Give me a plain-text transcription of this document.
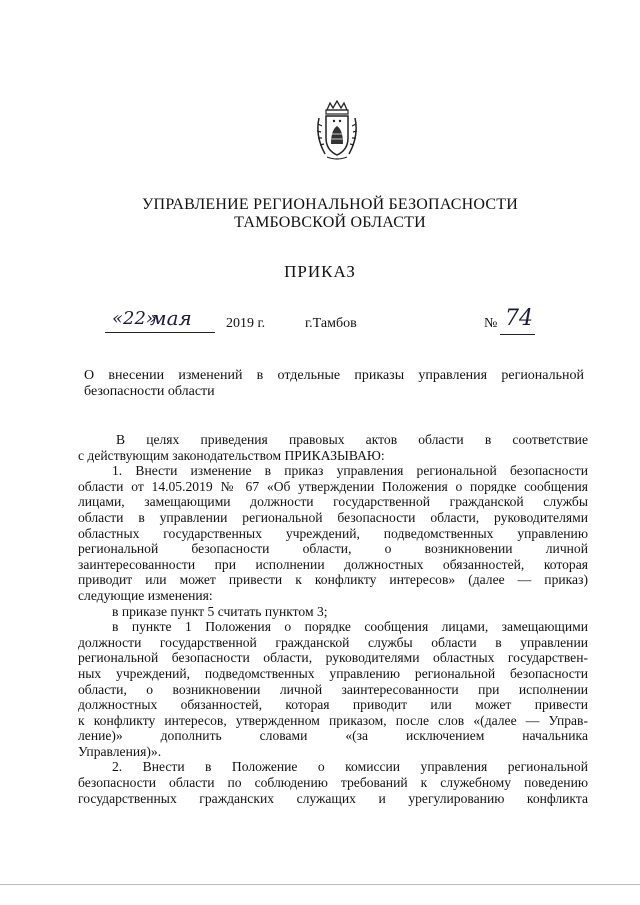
УПРАВЛЕНИЕ РЕГИОНАЛЬНОЙ БЕЗОПАСНОСТИ
ТАМБОВСКОЙ ОБЛАСТИ
ПРИКАЗ
«22»
мая 2019 г.	г.Тамбов	№ 74
О внесении изменений в отдельные приказы управления региональной безопасности области
В целях приведения правовых актов области в соответствие
с действующим законодательством ПРИКАЗЫВАЮ:
1. Внести изменение в приказ управления региональной безопасности
области от 14.05.2019 № 67 «Об утверждении Положения о порядке сообщения
лицами, замещающими должности государственной гражданской службы
области в управлении региональной безопасности области, руководителями
областных государственных учреждений, подведомственных управлению
региональной безопасности области, о возникновении личной
заинтересованности при исполнении должностных обязанностей, которая
приводит или может привести к конфликту интересов» (далее — приказ)
следующие изменения:
в приказе пункт 5 считать пунктом 3;
в пункте 1 Положения о порядке сообщения лицами, замещающими
должности государственной гражданской службы области в управлении
региональной безопасности области, руководителями областных государствен-
ных учреждений, подведомственных управлению региональной безопасности
области, о возникновении личной заинтересованности при исполнении
должностных обязанностей, которая приводит или может привести
к конфликту интересов, утвержденном приказом, после слов «(далее — Управ-
ление)» дополнить словами «(за исключением начальника
Управления)».
2. Внести в Положение о комиссии управления региональной
безопасности области по соблюдению требований к служебному поведению
государственных гражданских служащих и урегулированию конфликта
